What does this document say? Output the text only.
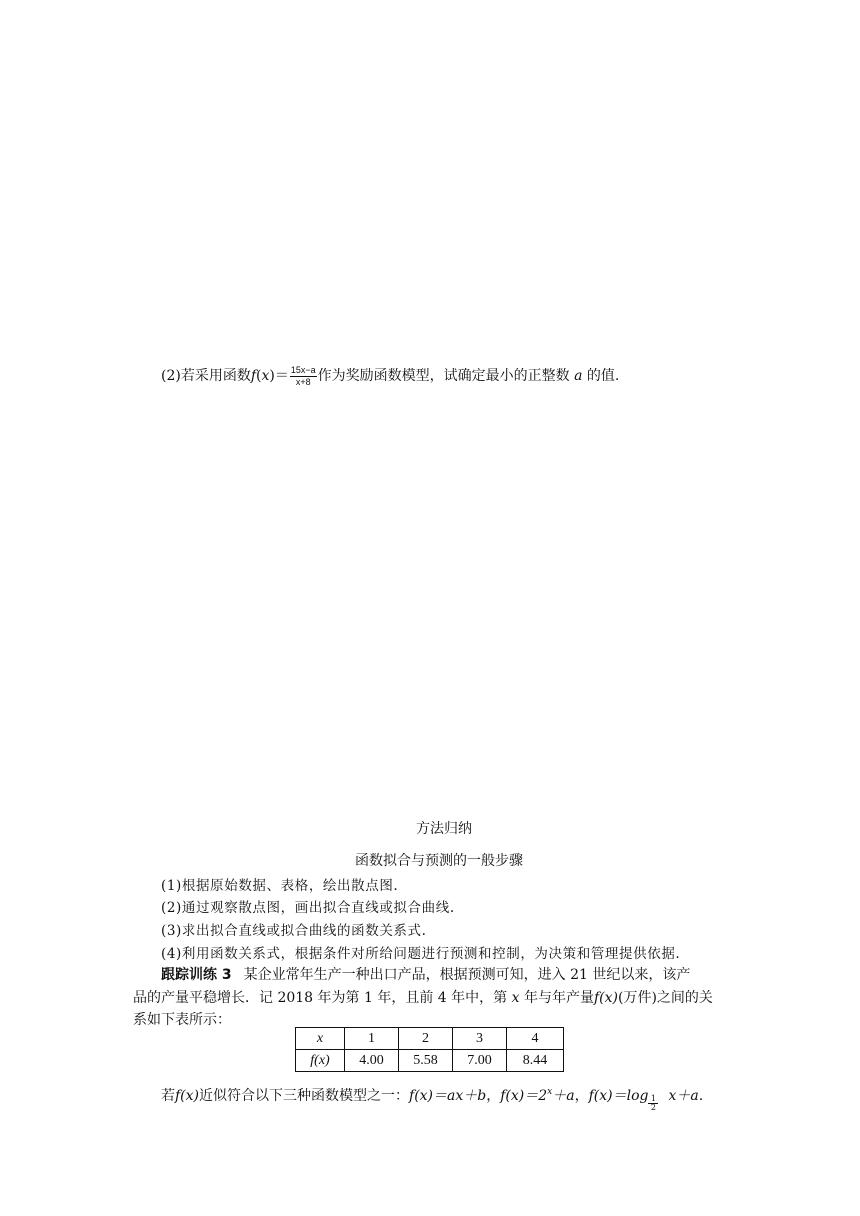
(2)若采用函数$f(x)= \frac{15x-a}{x+8}$ 作为奖励函数模型，试确定最小的正整数 a 的值.
方法归纳
函数拟合与预测的一般步骤
(1)根据原始数据、表格，绘出散点图.
(2)通过观察散点图，画出拟合直线或拟合曲线.
(3)求出拟合直线或拟合曲线的函数关系式.
(4)利用函数关系式，根据条件对所给问题进行预测和控制，为决策和管理提供依据.
跟踪训练 3 某企业常年生产一种出口产品，根据预测可知，进入 21 世纪以来，该产
品的产量平稳增长．记 2018 年为第 1 年，且前 4 年中，第 x 年与年产量f(x)(万件)之间的关
系如下表所示：
x	1	2	3	4
f(x)	4.00	5.58	7.00	8.44
若f(x)近似符合以下三种函数模型之一：f(x)＝ax＋b，$f(x)=2^x+a$，$f(x)=\log \frac{1}{2} x+a$.
